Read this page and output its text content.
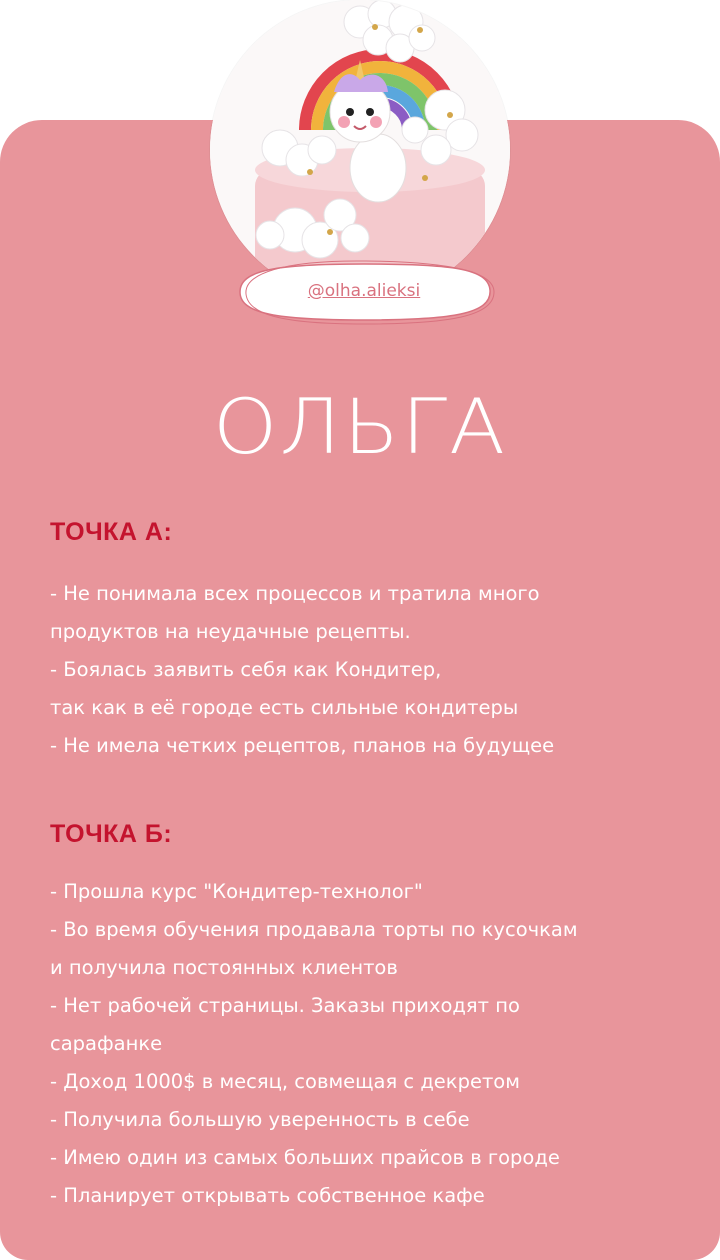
@olha.alieksi
ОЛЬГА
ТОЧКА А:
- Не понимала всех процессов и тратила много
продуктов на неудачные рецепты.
- Боялась заявить себя как Кондитер,
так как в её городе есть сильные кондитеры
- Не имела четких рецептов, планов на будущее
ТОЧКА Б:
- Прошла курс "Кондитер-технолог"
- Во время обучения продавала торты по кусочкам
и получила постоянных клиентов
- Нет рабочей страницы. Заказы приходят по
сарафанке
- Доход 1000$ в месяц, совмещая с декретом
- Получила большую уверенность в себе
- Имею один из самых больших прайсов в городе
- Планирует открывать собственное кафе
